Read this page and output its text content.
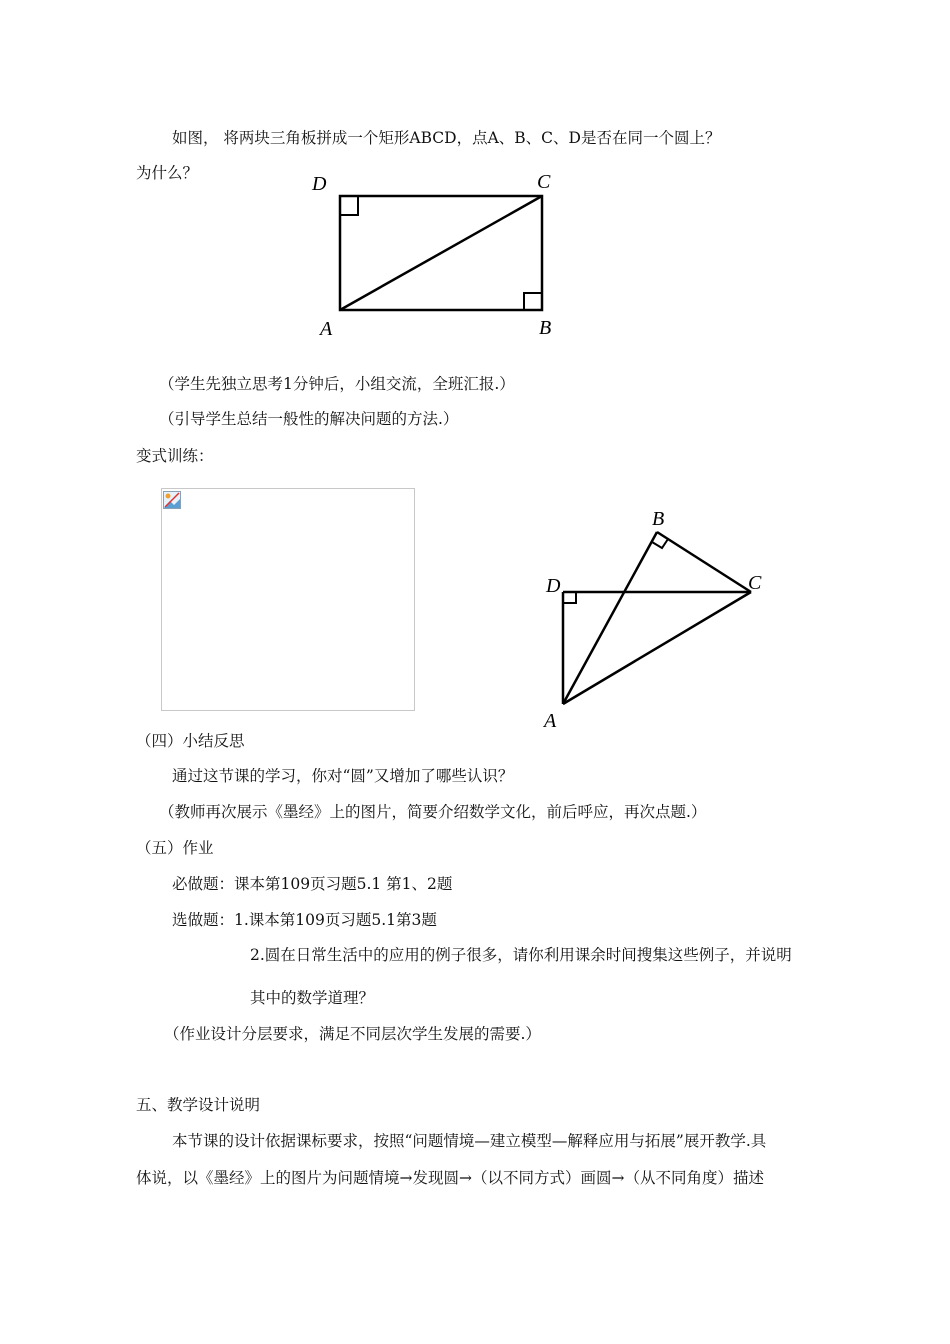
如图， 将两块三角板拼成一个矩形ABCD，点A、B、C、D是否在同一个圆上？
为什么？	D	C
A	B
（学生先独立思考1分钟后，小组交流，全班汇报.）
（引导学生总结一般性的解决问题的方法.）
变式训练：
B
D	C
A
（四）小结反思
通过这节课的学习，你对“圆”又增加了哪些认识？
（教师再次展示《墨经》上的图片，简要介绍数学文化，前后呼应，再次点题.）
（五）作业
必做题：课本第109页习题5.1 第1、2题
选做题：1.课本第109页习题5.1第3题
2.圆在日常生活中的应用的例子很多，请你利用课余时间搜集这些例子，并说明
其中的数学道理？
（作业设计分层要求，满足不同层次学生发展的需要.）
五、教学设计说明
本节课的设计依据课标要求，按照“问题情境—建立模型—解释应用与拓展”展开教学.具
体说，以《墨经》上的图片为问题情境→发现圆→（以不同方式）画圆→（从不同角度）描述
